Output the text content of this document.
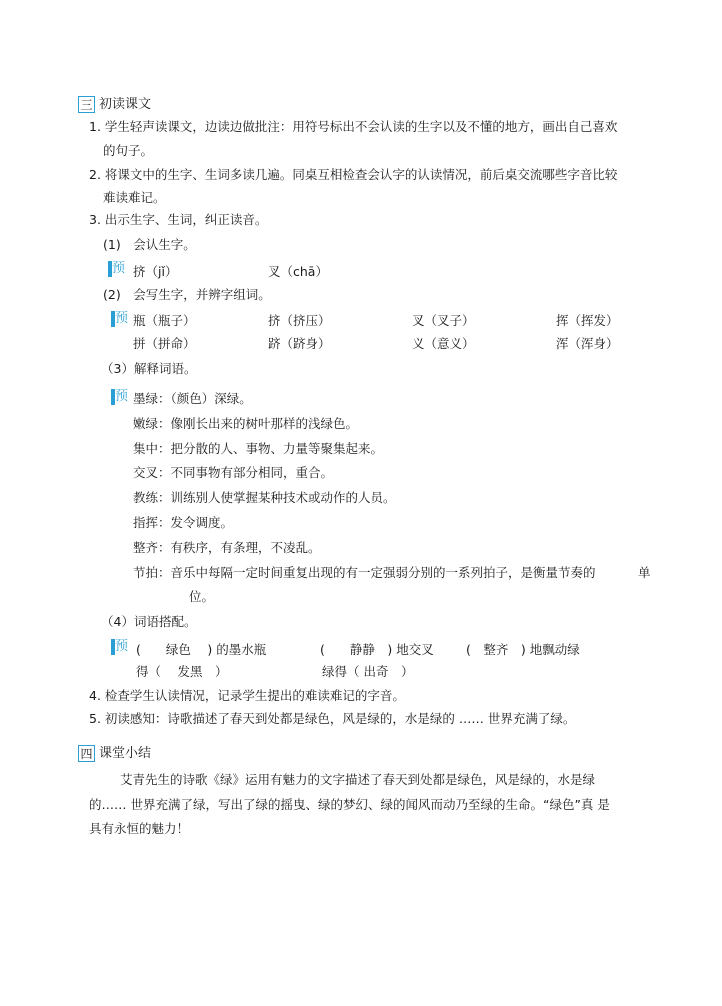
三 初读课文
1. 学生轻声读课文，边读边做批注：用符号标出不会认读的生字以及不懂的地方，画出自己喜欢
的句子。
2. 将课文中的生字、生词多读几遍。同桌互相检查会认字的认读情况，前后桌交流哪些字音比较
难读难记。
3. 出示生字、生词，纠正读音。
(1)　会认生字。
预 挤（jǐ）	叉（chā）
(2)　会写生字，并辨字组词。
预 瓶（瓶子）	挤（挤压）	叉（叉子）	挥（挥发）
拼（拼命）	跻（跻身）	义（意义）	浑（浑身）
（3）解释词语。
预 墨绿：（颜色）深绿。
嫩绿：像刚长出来的树叶那样的浅绿色。
集中：把分散的人、事物、力量等聚集起来。
交叉：不同事物有部分相同，重合。
教练：训练别人使掌握某种技术或动作的人员。
指挥：发令调度。
整齐：有秩序，有条理，不凌乱。
节拍：音乐中每隔一定时间重复出现的有一定强弱分别的一系列拍子，是衡量节奏的	单
位。
（4）词语搭配。
预 (　　绿色　 ) 的墨水瓶	(　　静静　) 地交叉	(　整齐　) 地飘动绿
得（　 发黑　）	绿得（ 出奇　）
4. 检查学生认读情况，记录学生提出的难读难记的字音。
5. 初读感知：诗歌描述了春天到处都是绿色，风是绿的，水是绿的 …… 世界充满了绿。
四 课堂小结
艾青先生的诗歌《绿》运用有魅力的文字描述了春天到处都是绿色，风是绿的，水是绿
的…… 世界充满了绿，写出了绿的摇曳、绿的梦幻、绿的闻风而动乃至绿的生命。“绿色”真 是
具有永恒的魅力！
